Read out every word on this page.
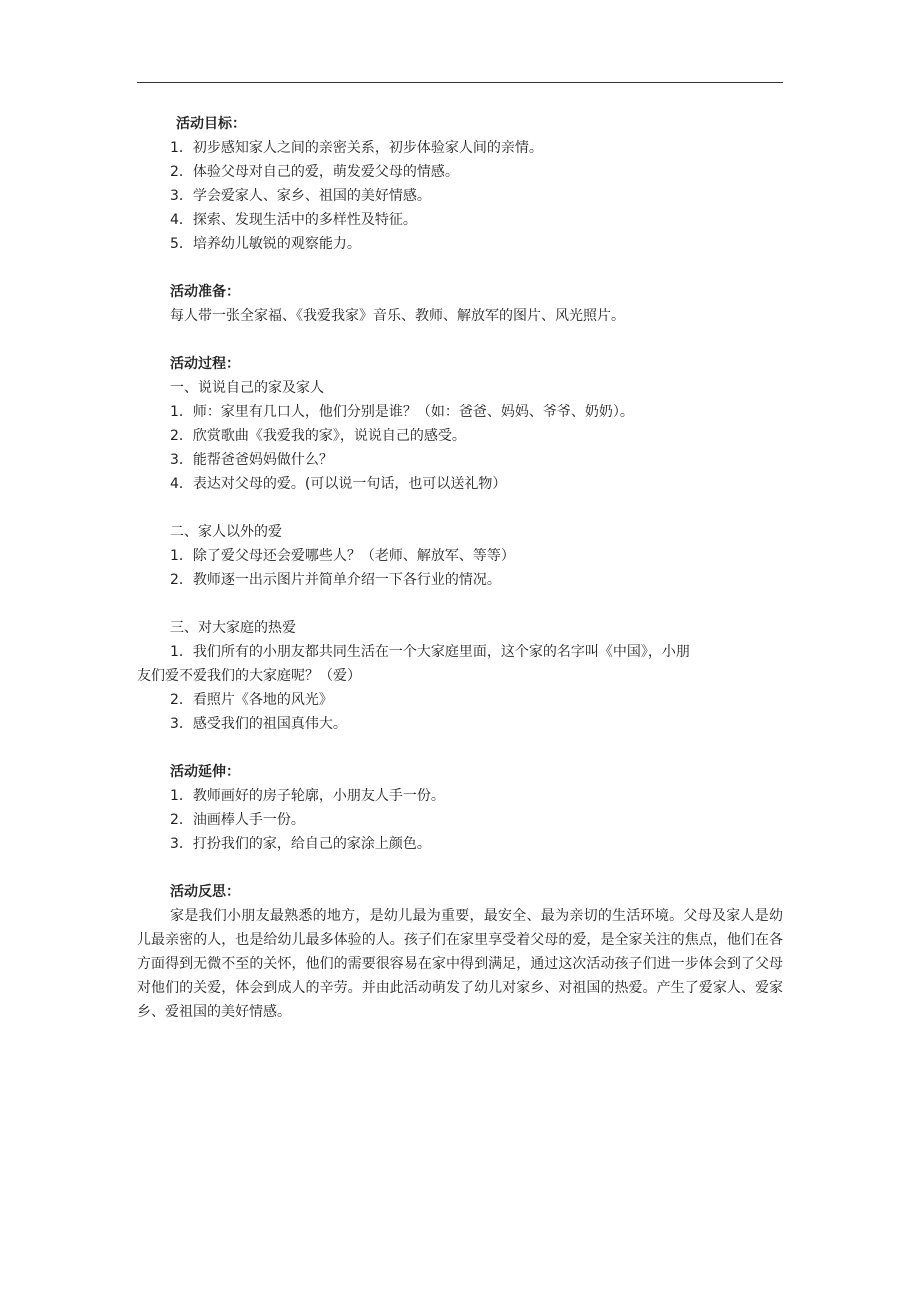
活动目标：
1．初步感知家人之间的亲密关系，初步体验家人间的亲情。
2．体验父母对自己的爱，萌发爱父母的情感。
3．学会爱家人、家乡、祖国的美好情感。
4．探索、发现生活中的多样性及特征。
5．培养幼儿敏锐的观察能力。
活动准备：
每人带一张全家福、《我爱我家》音乐、教师、解放军的图片、风光照片。
活动过程：
一、说说自己的家及家人
1．师：家里有几口人，他们分别是谁？（如：爸爸、妈妈、爷爷、奶奶）。
2．欣赏歌曲《我爱我的家》，说说自己的感受。
3．能帮爸爸妈妈做什么？
4．表达对父母的爱。(可以说一句话，也可以送礼物）
二、家人以外的爱
1．除了爱父母还会爱哪些人？（老师、解放军、等等）
2．教师逐一出示图片并简单介绍一下各行业的情况。
三、对大家庭的热爱
1．我们所有的小朋友都共同生活在一个大家庭里面，这个家的名字叫《中国》，小朋
友们爱不爱我们的大家庭呢？（爱）
2．看照片《各地的风光》
3．感受我们的祖国真伟大。
活动延伸：
1．教师画好的房子轮廓，小朋友人手一份。
2．油画棒人手一份。
3．打扮我们的家，给自己的家涂上颜色。
活动反思：
家是我们小朋友最熟悉的地方，是幼儿最为重要，最安全、最为亲切的生活环境。父母及家人是幼儿最亲密的人，也是给幼儿最多体验的人。孩子们在家里享受着父母的爱，是全家关注的焦点，他们在各方面得到无微不至的关怀，他们的需要很容易在家中得到满足，通过这次活动孩子们进一步体会到了父母对他们的关爱，体会到成人的辛劳。并由此活动萌发了幼儿对家乡、对祖国的热爱。产生了爱家人、爱家乡、爱祖国的美好情感。
